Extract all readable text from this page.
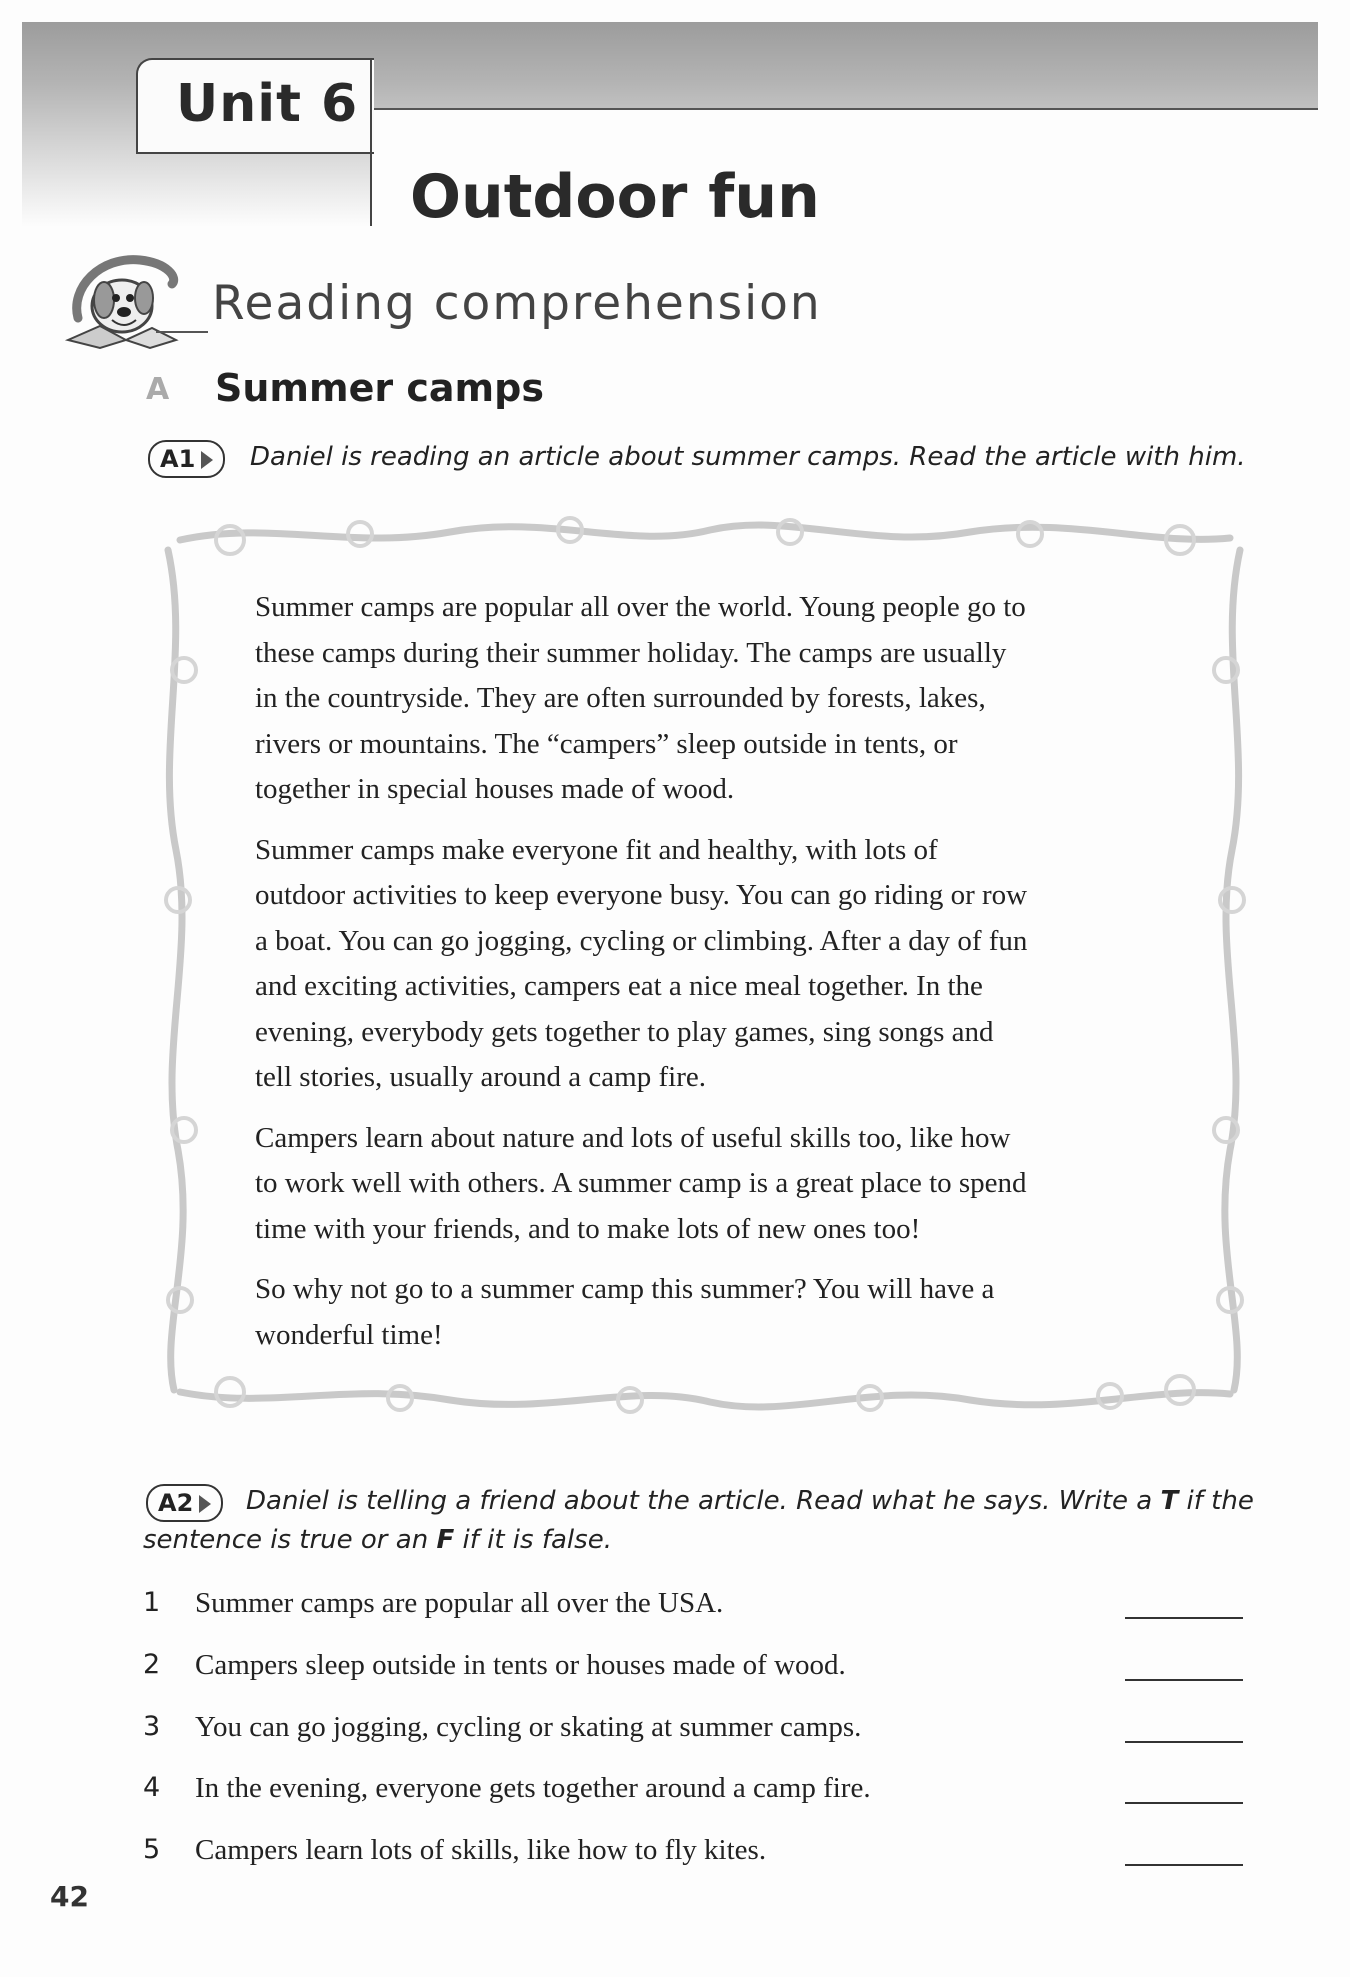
Unit 6
Outdoor fun
Reading comprehension
A Summer camps
A1	Daniel is reading an article about summer camps. Read the article with him.

Summer camps are popular all over the world. Young people go to
these camps during their summer holiday. The camps are usually
in the countryside. They are often surrounded by forests, lakes,
rivers or mountains. The “campers” sleep outside in tents, or
together in special houses made of wood.

Summer camps make everyone fit and healthy, with lots of
outdoor activities to keep everyone busy. You can go riding or row
a boat. You can go jogging, cycling or climbing. After a day of fun
and exciting activities, campers eat a nice meal together. In the
evening, everybody gets together to play games, sing songs and
tell stories, usually around a camp fire.

Campers learn about nature and lots of useful skills too, like how
to work well with others. A summer camp is a great place to spend
time with your friends, and to make lots of new ones too!

So why not go to a summer camp this summer? You will have a
wonderful time!

A2	Daniel is telling a friend about the article. Read what he says. Write a T if the
sentence is true or an F if it is false.
1 Summer camps are popular all over the USA.
2 Campers sleep outside in tents or houses made of wood.
3 You can go jogging, cycling or skating at summer camps.
4 In the evening, everyone gets together around a camp fire.
5 Campers learn lots of skills, like how to fly kites.
42
